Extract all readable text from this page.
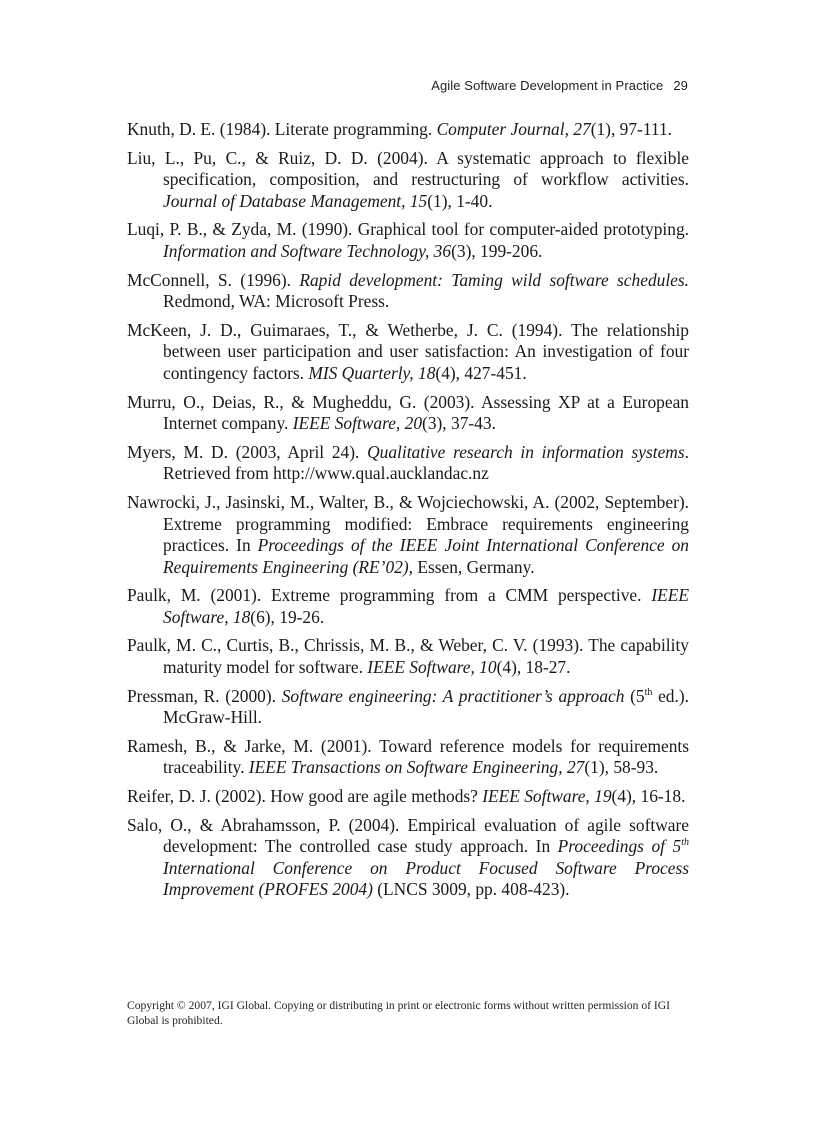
Agile Software Development in Practice 29

Knuth, D. E. (1984). Literate programming. Computer Journal, 27(1), 97-111.

Liu, L., Pu, C., & Ruiz, D. D. (2004). A systematic approach to flexible specification, composition, and restructuring of workflow activities. Journal of Database Management, 15(1), 1-40.

Luqi, P. B., & Zyda, M. (1990). Graphical tool for computer-aided prototyping. Information and Software Technology, 36(3), 199-206.

McConnell, S. (1996). Rapid development: Taming wild software schedules. Redmond, WA: Microsoft Press.

McKeen, J. D., Guimaraes, T., & Wetherbe, J. C. (1994). The relationship between user participation and user satisfaction: An investigation of four contingency factors. MIS Quarterly, 18(4), 427-451.

Murru, O., Deias, R., & Mugheddu, G. (2003). Assessing XP at a European Internet company. IEEE Software, 20(3), 37-43.

Myers, M. D. (2003, April 24). Qualitative research in information systems. Retrieved from http://www.qual.aucklandac.nz

Nawrocki, J., Jasinski, M., Walter, B., & Wojciechowski, A. (2002, September). Extreme programming modified: Embrace requirements engineering practices. In Proceedings of the IEEE Joint International Conference on Requirements Engineering (RE’02), Essen, Germany.

Paulk, M. (2001). Extreme programming from a CMM perspective. IEEE Software, 18(6), 19-26.

Paulk, M. C., Curtis, B., Chrissis, M. B., & Weber, C. V. (1993). The capability maturity model for software. IEEE Software, 10(4), 18-27.

Pressman, R. (2000). Software engineering: A practitioner’s approach (5th ed.). McGraw-Hill.

Ramesh, B., & Jarke, M. (2001). Toward reference models for requirements traceability. IEEE Transactions on Software Engineering, 27(1), 58-93.

Reifer, D. J. (2002). How good are agile methods? IEEE Software, 19(4), 16-18.

Salo, O., & Abrahamsson, P. (2004). Empirical evaluation of agile software development: The controlled case study approach. In Proceedings of 5th International Conference on Product Focused Software Process Improvement (PROFES 2004) (LNCS 3009, pp. 408-423).

Copyright © 2007, IGI Global. Copying or distributing in print or electronic forms without written permission of IGI Global is prohibited.
